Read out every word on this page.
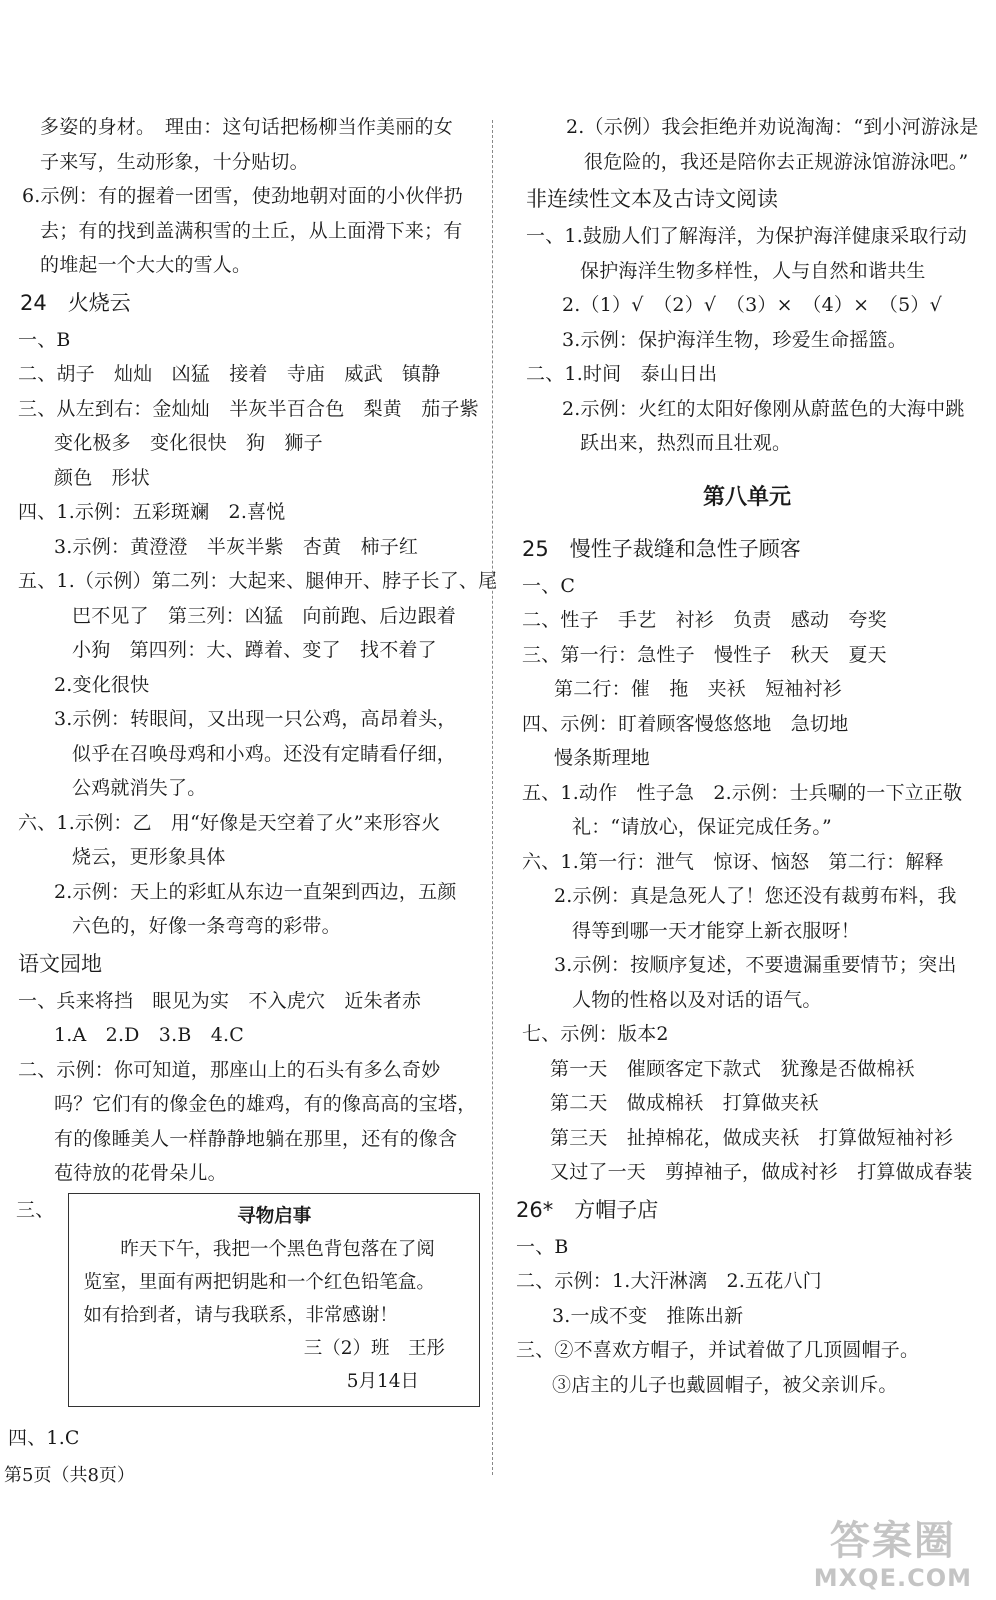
多姿的身材。　理由：这句话把杨柳当作美丽的女
子来写，生动形象，十分贴切。
6.示例：有的握着一团雪，使劲地朝对面的小伙伴扔
去；有的找到盖满积雪的土丘，从上面滑下来；有
的堆起一个大大的雪人。
24　火烧云
一、B
二、胡子　灿灿　凶猛　接着　寺庙　威武　镇静
三、从左到右：金灿灿　半灰半百合色　梨黄　茄子紫
变化极多　变化很快　狗　狮子
颜色　形状
四、1.示例：五彩斑斓　2.喜悦
3.示例：黄澄澄　半灰半紫　杏黄　柿子红
五、1.（示例）第二列：大起来、腿伸开、脖子长了、尾
巴不见了　第三列：凶猛　向前跑、后边跟着
小狗　第四列：大、蹲着、变了　找不着了
2.变化很快
3.示例：转眼间，又出现一只公鸡，高昂着头，
似乎在召唤母鸡和小鸡。还没有定睛看仔细，
公鸡就消失了。
六、1.示例：乙　用“好像是天空着了火”来形容火
烧云，更形象具体
2.示例：天上的彩虹从东边一直架到西边，五颜
六色的，好像一条弯弯的彩带。
语文园地
一、兵来将挡　眼见为实　不入虎穴　近朱者赤
1.A　2.D　3.B　4.C
二、示例：你可知道，那座山上的石头有多么奇妙
吗？它们有的像金色的雄鸡，有的像高高的宝塔，
有的像睡美人一样静静地躺在那里，还有的像含
苞待放的花骨朵儿。
三、	寻物启事
　　昨天下午，我把一个黑色背包落在了阅
览室，里面有两把钥匙和一个红色铅笔盒。
如有拾到者，请与我联系，非常感谢！
三（2）班　王彤
5月14日
四、1.C
2.（示例）我会拒绝并劝说淘淘：“到小河游泳是
很危险的，我还是陪你去正规游泳馆游泳吧。”
非连续性文本及古诗文阅读
一、1.鼓励人们了解海洋，为保护海洋健康采取行动
保护海洋生物多样性，人与自然和谐共生
2.（1）√　（2）√　（3）×　（4）×　（5）√
3.示例：保护海洋生物，珍爱生命摇篮。
二、1.时间　泰山日出
2.示例：火红的太阳好像刚从蔚蓝色的大海中跳
跃出来，热烈而且壮观。
第八单元
25　慢性子裁缝和急性子顾客
一、C
二、性子　手艺　衬衫　负责　感动　夸奖
三、第一行：急性子　慢性子　秋天　夏天
第二行：催　拖　夹袄　短袖衬衫
四、示例：盯着顾客慢悠悠地　急切地
慢条斯理地
五、1.动作　性子急　2.示例：士兵唰的一下立正敬
礼：“请放心，保证完成任务。”
六、1.第一行：泄气　惊讶、恼怒　第二行：解释
2.示例：真是急死人了！您还没有裁剪布料，我
得等到哪一天才能穿上新衣服呀！
3.示例：按顺序复述，不要遗漏重要情节；突出
人物的性格以及对话的语气。
七、示例：版本2
第一天　催顾客定下款式　犹豫是否做棉袄
第二天　做成棉袄　打算做夹袄
第三天　扯掉棉花，做成夹袄　打算做短袖衬衫
又过了一天　剪掉袖子，做成衬衫　打算做成春装
26*　方帽子店
一、B
二、示例：1.大汗淋漓　2.五花八门
3.一成不变　推陈出新
三、②不喜欢方帽子，并试着做了几顶圆帽子。
③店主的儿子也戴圆帽子，被父亲训斥。
第5页（共8页）
答案圈
MXQE.COM
